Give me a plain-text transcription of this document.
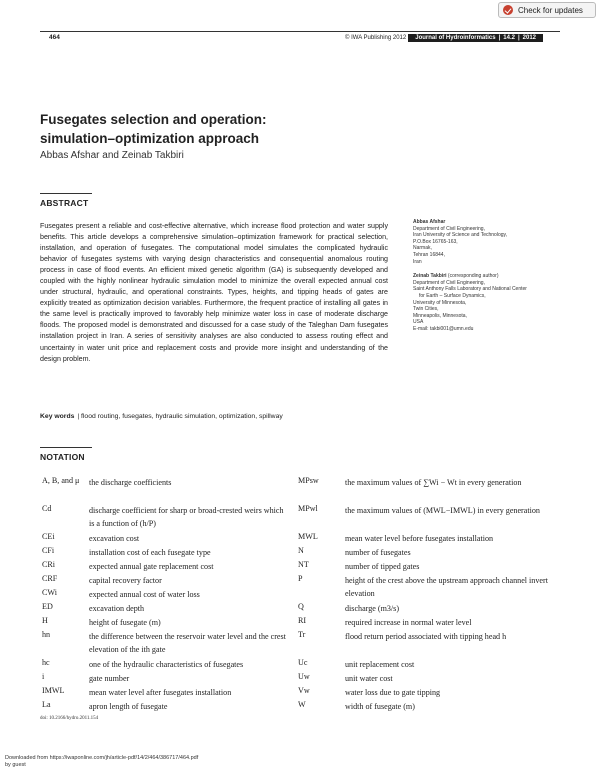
Check for updates
464	© IWA Publishing 2012	Journal of Hydroinformatics | 14.2 | 2012
Fusegates selection and operation:
simulation–optimization approach
Abbas Afshar and Zeinab Takbiri
ABSTRACT
Fusegates present a reliable and cost-effective alternative, which increase flood protection and water supply benefits. This article develops a comprehensive simulation–optimization framework for practical selection, installation, and operation of fusegates. The computational model simulates the complicated hydraulic behavior of fusegates systems with varying design characteristics and consequential anomalous routing process in case of flood events. An efficient mixed genetic algorithm (GA) is subsequently developed and coupled with the highly nonlinear hydraulic simulation model to minimize the overall expected annual cost under structural, hydraulic, and operational constraints. Types, heights, and tipping heads of gates are explicitly treated as optimization decision variables. Furthermore, the frequent practice of installing all gates in the same level is practically improved to favorably help minimize water loss in case of moderate discharge floods. The proposed model is demonstrated and discussed for a case study of the Taleghan Dam fusegates installation project in Iran. A series of sensitivity analyses are also conducted to assess routing effect and uncertainty in water unit price and replacement costs and provide more insight and understanding of the design problem.
Key words | flood routing, fusegates, hydraulic simulation, optimization, spillway
Abbas Afshar
Department of Civil Engineering,
Iran University of Science and Technology,
P.O.Box 16765-163,
Narmak,
Tehran 16844,
Iran
Zeinab Takbiri (corresponding author)
Department of Civil Engineering,
Saint Anthony Falls Laboratory and National Center
for Earth – Surface Dynamics,
University of Minnesota,
Twin Cities,
Minneapolis, Minnesota,
USA
E-mail: takbi001@umn.edu
NOTATION
A, B, and μ	the discharge coefficients
Cd	discharge coefficient for sharp or broad-crested weirs which is a function of (h/P)
CEi	excavation cost
CFi	installation cost of each fusegate type
CRi	expected annual gate replacement cost
CRF	capital recovery factor
CWi	expected annual cost of water loss
ED	excavation depth
H	height of fusegate (m)
hn	the difference between the reservoir water level and the crest elevation of the ith gate
hc	one of the hydraulic characteristics of fusegates
i	gate number
IMWL	mean water level after fusegates installation
La	apron length of fusegate
MPsw	the maximum values of ∑Wi − Wt in every generation
MPwl	the maximum values of (MWL−IMWL) in every generation
MWL	mean water level before fusegates installation
N	number of fusegates
NT	number of tipped gates
P	height of the crest above the upstream approach channel invert elevation
Q	discharge (m3/s)
RI	required increase in normal water level
Tr	flood return period associated with tipping head h
Uc	unit replacement cost
Uw	unit water cost
Vw	water loss due to gate tipping
W	width of fusegate (m)
doi: 10.2166/hydro.2011.154
Downloaded from https://iwaponline.com/jh/article-pdf/14/2/464/386717/464.pdf
by guest
